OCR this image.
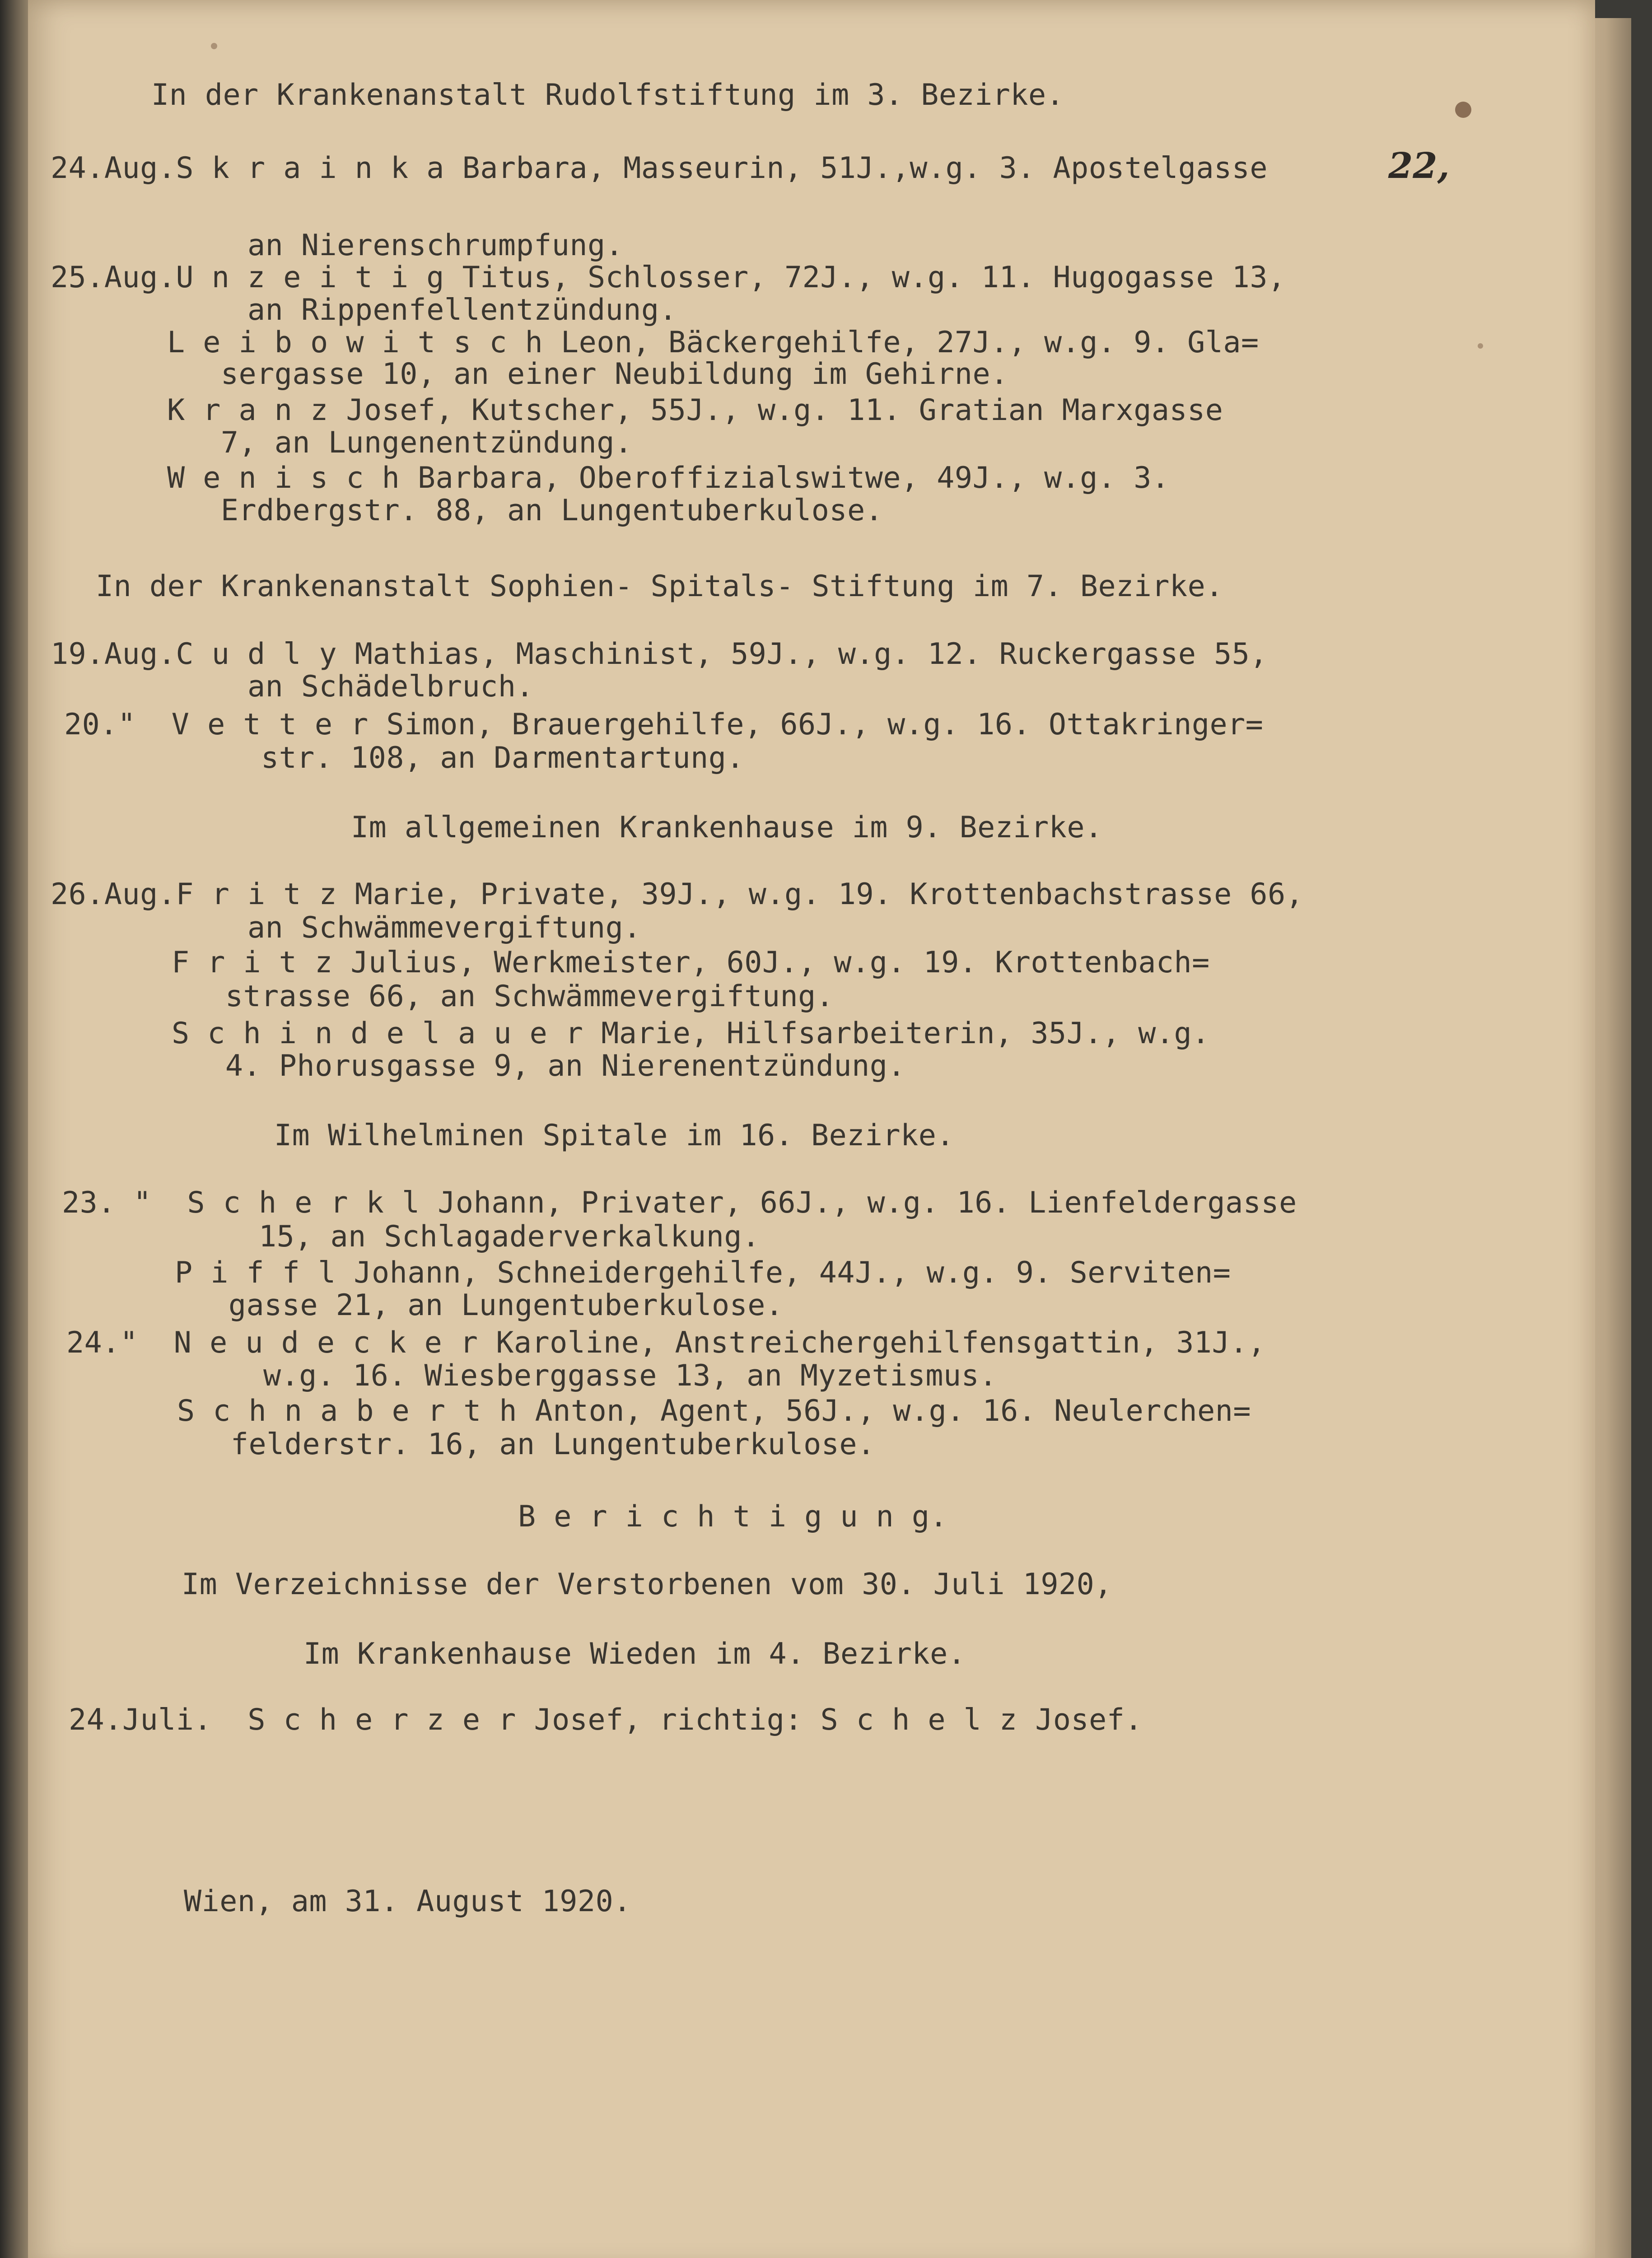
In der Krankenanstalt Rudolfstiftung im 3. Bezirke.

24.Aug.S k r a i n k a Barbara, Masseurin, 51J.,w.g. 3. Apostelgasse	22,

an Nierenschrumpfung.

25.Aug.U n z e i t i g Titus, Schlosser, 72J., w.g. 11. Hugogasse 13,

an Rippenfellentzündung.

L e i b o w i t s c h Leon, Bäckergehilfe, 27J., w.g. 9. Gla=

sergasse 10, an einer Neubildung im Gehirne.

K r a n z Josef, Kutscher, 55J., w.g. 11. Gratian Marxgasse

7, an Lungenentzündung.

W e n i s c h Barbara, Oberoffizialswitwe, 49J., w.g. 3.

Erdbergstr. 88, an Lungentuberkulose.

In der Krankenanstalt Sophien- Spitals- Stiftung im 7. Bezirke.

19.Aug.C u d l y Mathias, Maschinist, 59J., w.g. 12. Ruckergasse 55,

an Schädelbruch.

20."  V e t t e r Simon, Brauergehilfe, 66J., w.g. 16. Ottakringer=

str. 108, an Darmentartung.

Im allgemeinen Krankenhause im 9. Bezirke.

26.Aug.F r i t z Marie, Private, 39J., w.g. 19. Krottenbachstrasse 66,

an Schwämmevergiftung.

F r i t z Julius, Werkmeister, 60J., w.g. 19. Krottenbach=

strasse 66, an Schwämmevergiftung.

S c h i n d e l a u e r Marie, Hilfsarbeiterin, 35J., w.g.

4. Phorusgasse 9, an Nierenentzündung.

Im Wilhelminen Spitale im 16. Bezirke.

23. "  S c h e r k l Johann, Privater, 66J., w.g. 16. Lienfeldergasse

15, an Schlagaderverkalkung.

P i f f l Johann, Schneidergehilfe, 44J., w.g. 9. Serviten=

gasse 21, an Lungentuberkulose.

24."  N e u d e c k e r Karoline, Anstreichergehilfensgattin, 31J.,

w.g. 16. Wiesberggasse 13, an Myzetismus.

S c h n a b e r t h Anton, Agent, 56J., w.g. 16. Neulerchen=

felderstr. 16, an Lungentuberkulose.

B e r i c h t i g u n g.

Im Verzeichnisse der Verstorbenen vom 30. Juli 1920,

Im Krankenhause Wieden im 4. Bezirke.

24.Juli.  S c h e r z e r Josef, richtig: S c h e l z Josef.

Wien, am 31. August 1920.
